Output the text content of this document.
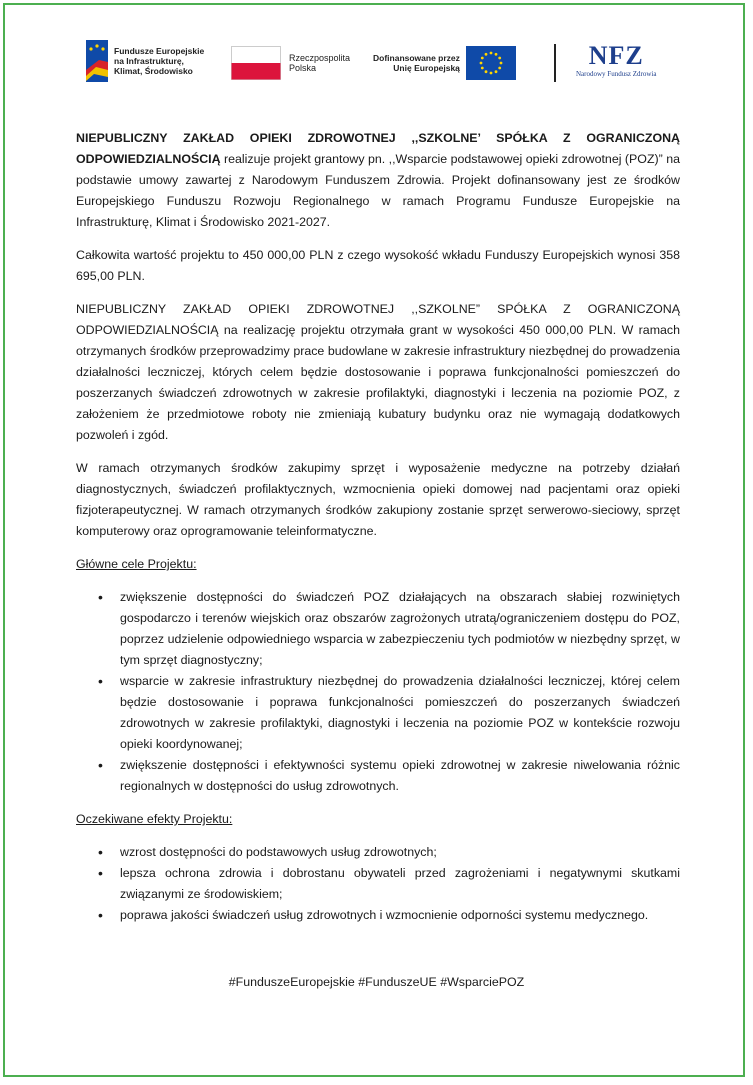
Fundusze Europejskie
na Infrastrukturę,
Klimat, Środowisko
Rzeczpospolita
Polska
Dofinansowane przez
Unię Europejską	NFZ
Narodowy Fundusz Zdrowia

NIEPUBLICZNY ZAKŁAD OPIEKI ZDROWOTNEJ ,,SZKOLNE’ SPÓŁKA Z OGRANICZONĄ ODPOWIEDZIALNOŚCIĄ realizuje projekt grantowy pn. ,,Wsparcie podstawowej opieki zdrowotnej (POZ)” na podstawie umowy zawartej z Narodowym Funduszem Zdrowia. Projekt dofinansowany jest ze środków Europejskiego Funduszu Rozwoju Regionalnego w ramach Programu Fundusze Europejskie na Infrastrukturę, Klimat i Środowisko 2021-2027.

Całkowita wartość projektu to 450 000,00 PLN z czego wysokość wkładu Funduszy Europejskich wynosi 358 695,00 PLN.

NIEPUBLICZNY ZAKŁAD OPIEKI ZDROWOTNEJ ,,SZKOLNE” SPÓŁKA Z OGRANICZONĄ ODPOWIEDZIALNOŚCIĄ na realizację projektu otrzymała grant w wysokości 450 000,00 PLN. W ramach otrzymanych środków przeprowadzimy prace budowlane w zakresie infrastruktury niezbędnej do prowadzenia działalności leczniczej, których celem będzie dostosowanie i poprawa funkcjonalności pomieszczeń do poszerzanych świadczeń zdrowotnych w zakresie profilaktyki, diagnostyki i leczenia na poziomie POZ, z założeniem że przedmiotowe roboty nie zmieniają kubatury budynku oraz nie wymagają dodatkowych pozwoleń i zgód.

W ramach otrzymanych środków zakupimy sprzęt i wyposażenie medyczne na potrzeby działań diagnostycznych, świadczeń profilaktycznych, wzmocnienia opieki domowej nad pacjentami oraz opieki fizjoterapeutycznej. W ramach otrzymanych środków zakupiony zostanie sprzęt serwerowo-sieciowy, sprzęt komputerowy oraz oprogramowanie teleinformatyczne.

Główne cele Projektu:
• zwiększenie dostępności do świadczeń POZ działających na obszarach słabiej rozwiniętych gospodarczo i terenów wiejskich oraz obszarów zagrożonych utratą/ograniczeniem dostępu do POZ, poprzez udzielenie odpowiedniego wsparcia w zabezpieczeniu tych podmiotów w niezbędny sprzęt, w tym sprzęt diagnostyczny;
• wsparcie w zakresie infrastruktury niezbędnej do prowadzenia działalności leczniczej, której celem będzie dostosowanie i poprawa funkcjonalności pomieszczeń do poszerzanych świadczeń zdrowotnych w zakresie profilaktyki, diagnostyki i leczenia na poziomie POZ w kontekście rozwoju opieki koordynowanej;
• zwiększenie dostępności i efektywności systemu opieki zdrowotnej w zakresie niwelowania różnic regionalnych w dostępności do usług zdrowotnych.
Oczekiwane efekty Projektu:
• wzrost dostępności do podstawowych usług zdrowotnych;
• lepsza ochrona zdrowia i dobrostanu obywateli przed zagrożeniami i negatywnymi skutkami związanymi ze środowiskiem;
• poprawa jakości świadczeń usług zdrowotnych i wzmocnienie odporności systemu medycznego.
#FunduszeEuropejskie #FunduszeUE #WsparciePOZ
